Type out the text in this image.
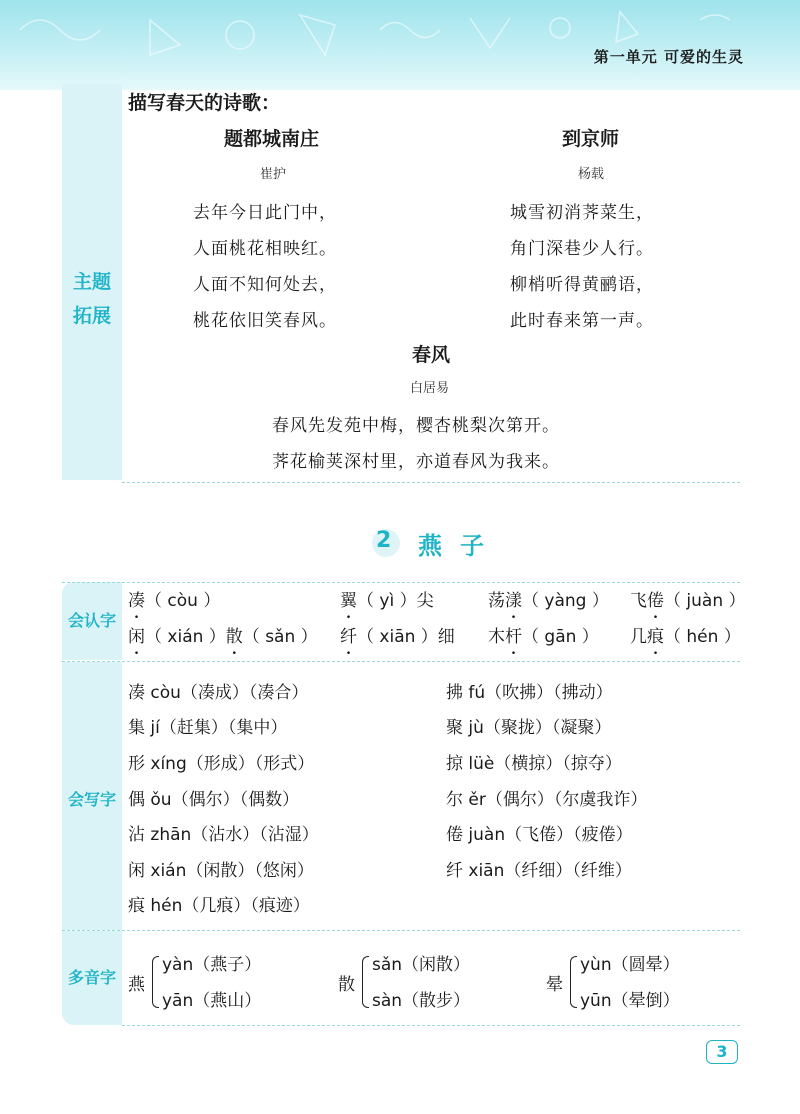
第一单元 可爱的生灵
主题
拓展
描写春天的诗歌：
题都城南庄
崔护
去年今日此门中，
人面桃花相映红。
人面不知何处去，
桃花依旧笑春风。
到京师
杨载
城雪初消荠菜生，
角门深巷少人行。
柳梢听得黄鹂语，
此时春来第一声。
春风
白居易
春风先发苑中梅，樱杏桃梨次第开。
荠花榆荚深村里，亦道春风为我来。
2 燕子
会认字
凑（ còu ）	翼（ yì ）尖	荡漾（ yàng ） 飞倦（ juàn ）
闲（ xián ）散（ sǎn ） 纤（ xiān ）细 木杆（ gān ） 几痕（ hén ）
会写字
凑 còu（凑成）（凑合）
集 jí（赶集）（集中）
形 xíng（形成）（形式）
偶 ǒu（偶尔）（偶数）
沾 zhān（沾水）（沾湿）
闲 xián（闲散）（悠闲）
痕 hén（几痕）（痕迹）
拂 fú（吹拂）（拂动）
聚 jù（聚拢）（凝聚）
掠 lüè（横掠）（掠夺）
尔 ěr（偶尔）（尔虞我诈）
倦 juàn（飞倦）（疲倦）
纤 xiān（纤细）（纤维）
多音字 燕
yàn（燕子）
yān（燕山）
散
sǎn（闲散）
sàn（散步）
晕
yùn（圆晕）
yūn（晕倒）
3
